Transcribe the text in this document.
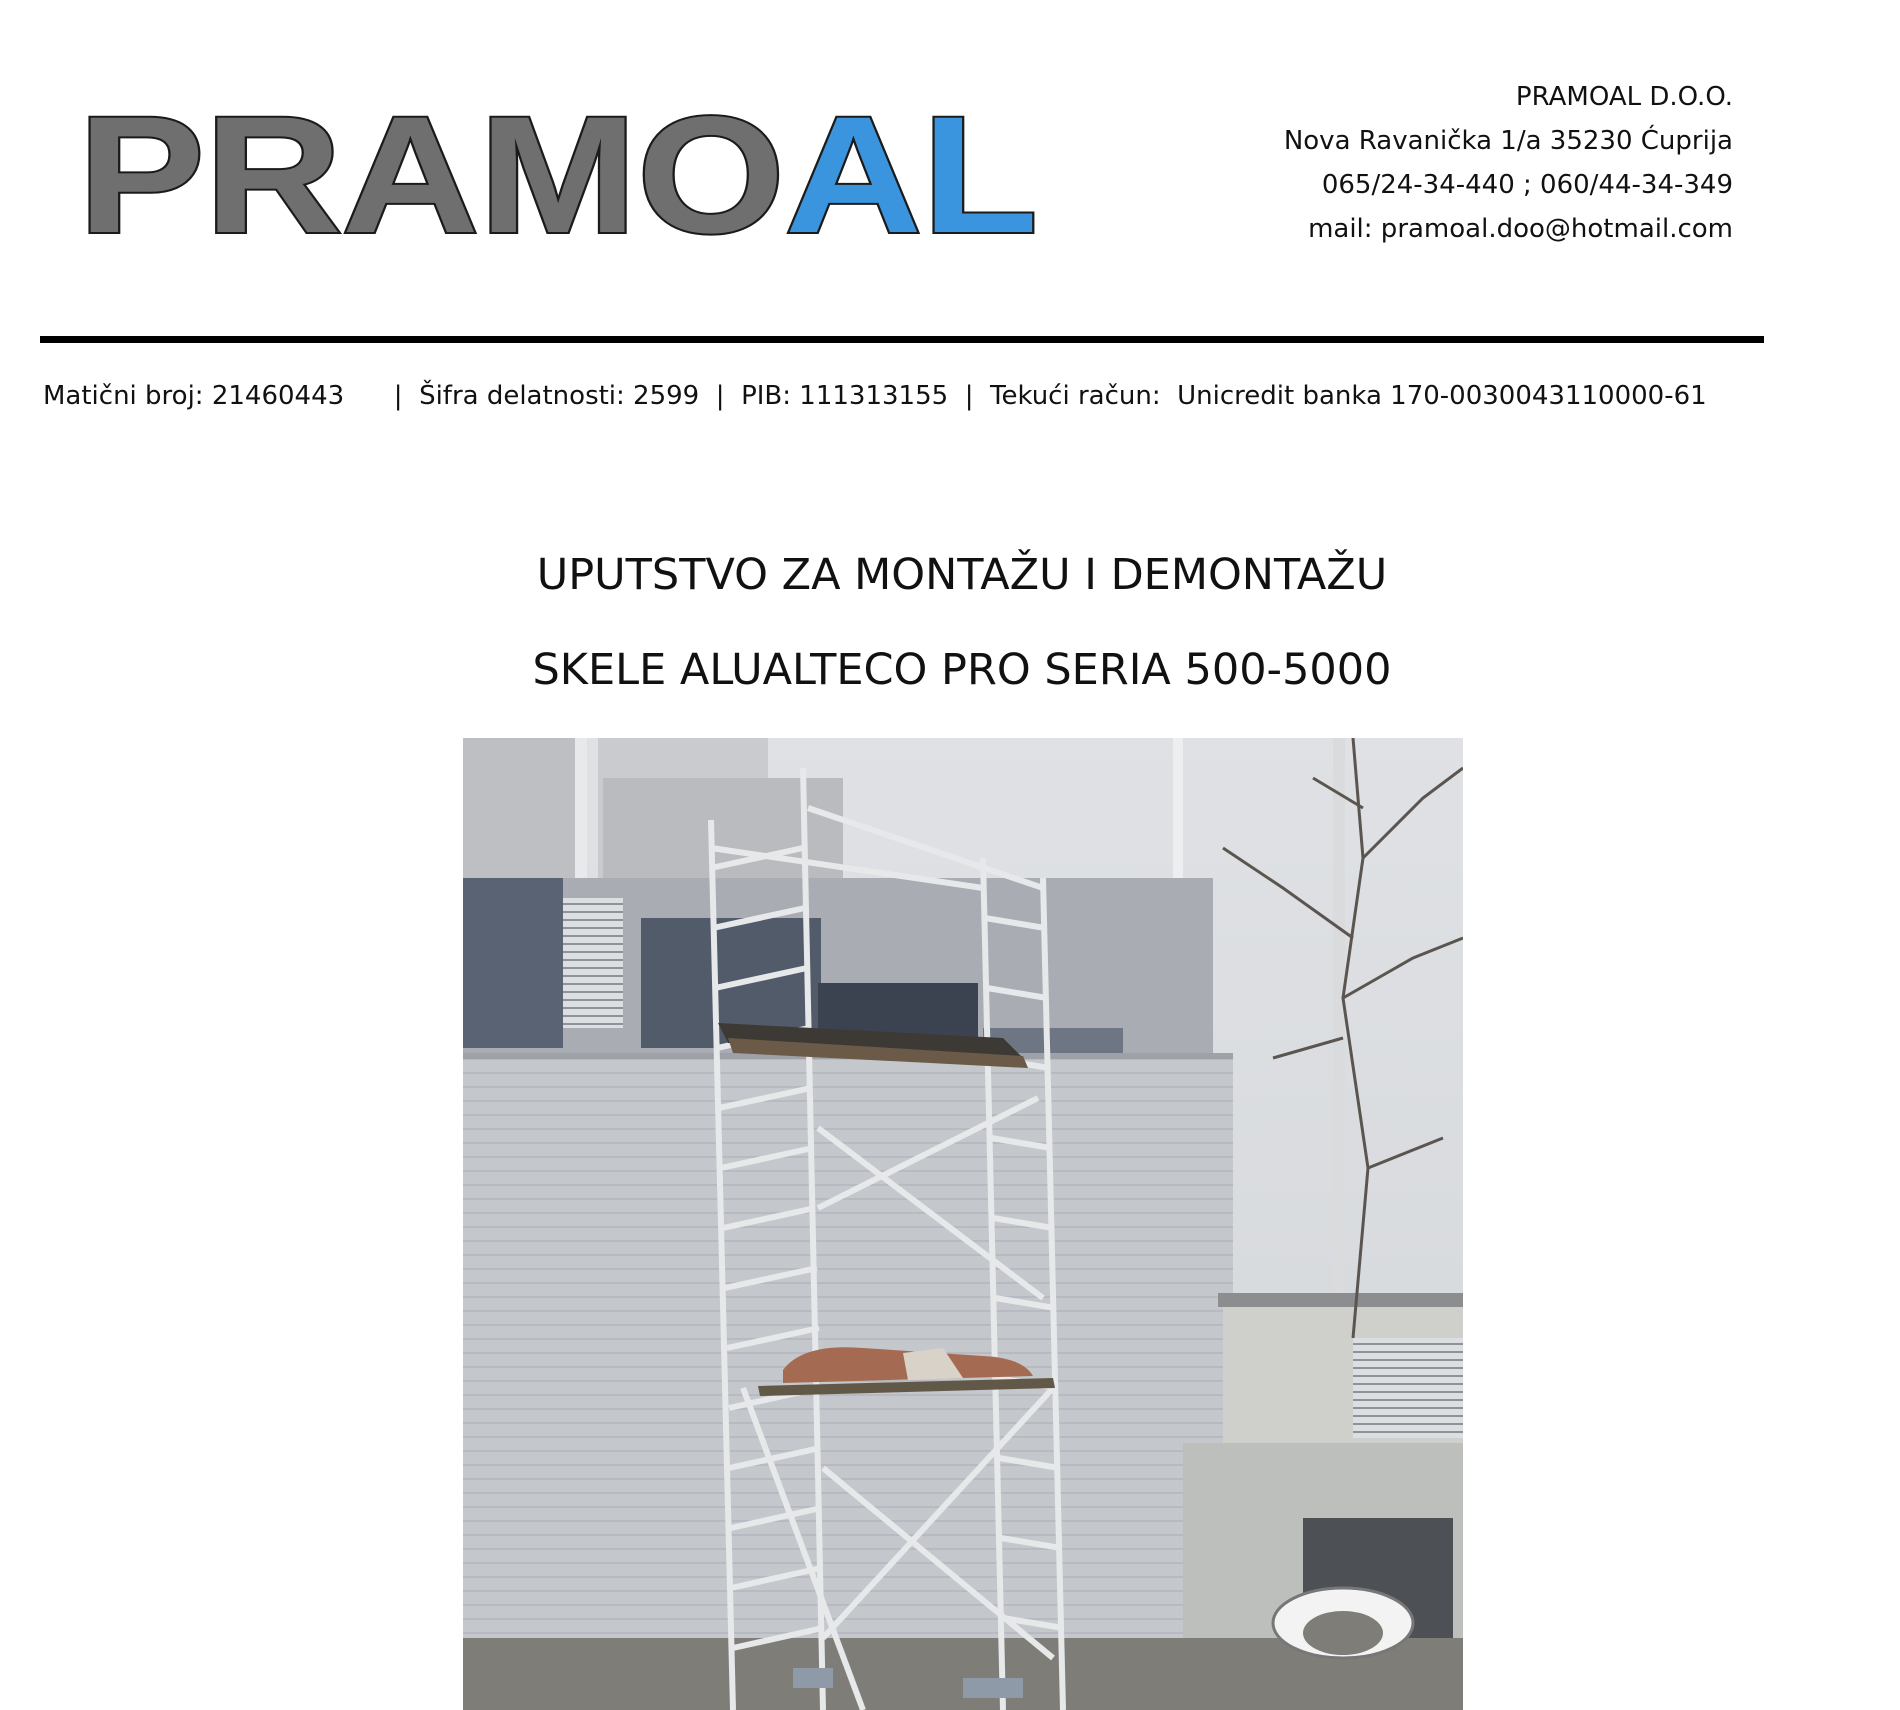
PRAMO AL	PRAMOAL D.O.O.
Nova Ravanička 1/a 35230 Ćuprija
065/24-34-440 ; 060/44-34-349
mail: pramoal.doo@hotmail.com
Matični broj: 21460443 | Šifra delatnosti: 2599 | PIB: 111313155 | Tekući račun:  Unicredit banka 170-0030043110000-61
UPUTSTVO ZA MONTAŽU I DEMONTAŽU
SKELE ALUALTECO PRO SERIA 500-5000
